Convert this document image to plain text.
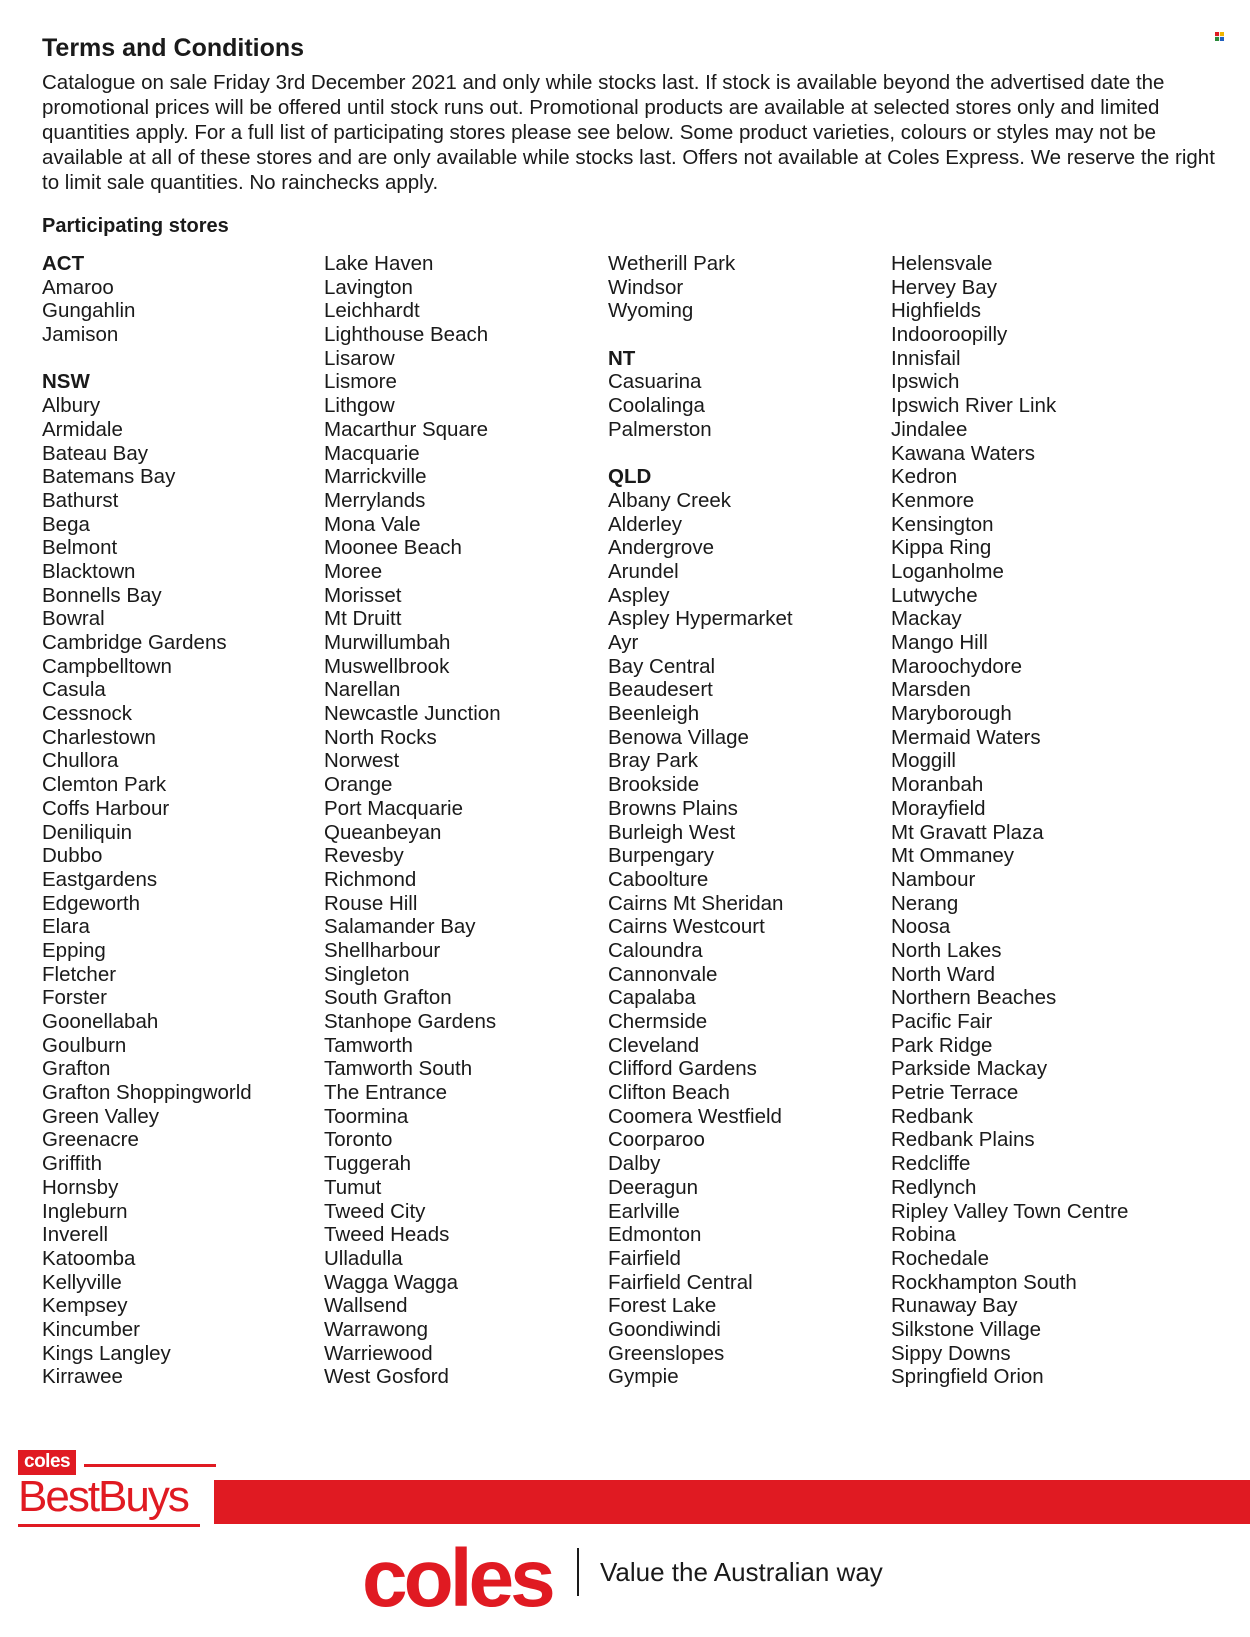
Terms and Conditions

Catalogue on sale Friday 3rd December 2021 and only while stocks last. If stock is available beyond the advertised date the promotional prices will be offered until stock runs out. Promotional products are available at selected stores only and limited quantities apply. For a full list of participating stores please see below. Some product varieties, colours or styles may not be available at all of these stores and are only available while stocks last. Offers not available at Coles Express. We reserve the right to limit sale quantities. No rainchecks apply.

Participating stores
ACT
Amaroo
Gungahlin
Jamison
NSW
Albury
Armidale
Bateau Bay
Batemans Bay
Bathurst
Bega
Belmont
Blacktown
Bonnells Bay
Bowral
Cambridge Gardens
Campbelltown
Casula
Cessnock
Charlestown
Chullora
Clemton Park
Coffs Harbour
Deniliquin
Dubbo
Eastgardens
Edgeworth
Elara
Epping
Fletcher
Forster
Goonellabah
Goulburn
Grafton
Grafton Shoppingworld
Green Valley
Greenacre
Griffith
Hornsby
Ingleburn
Inverell
Katoomba
Kellyville
Kempsey
Kincumber
Kings Langley
Kirrawee
Lake Haven
Lavington
Leichhardt
Lighthouse Beach
Lisarow
Lismore
Lithgow
Macarthur Square
Macquarie
Marrickville
Merrylands
Mona Vale
Moonee Beach
Moree
Morisset
Mt Druitt
Murwillumbah
Muswellbrook
Narellan
Newcastle Junction
North Rocks
Norwest
Orange
Port Macquarie
Queanbeyan
Revesby
Richmond
Rouse Hill
Salamander Bay
Shellharbour
Singleton
South Grafton
Stanhope Gardens
Tamworth
Tamworth South
The Entrance
Toormina
Toronto
Tuggerah
Tumut
Tweed City
Tweed Heads
Ulladulla
Wagga Wagga
Wallsend
Warrawong
Warriewood
West Gosford
Wetherill Park
Windsor
Wyoming
NT
Casuarina
Coolalinga
Palmerston
QLD
Albany Creek
Alderley
Andergrove
Arundel
Aspley
Aspley Hypermarket
Ayr
Bay Central
Beaudesert
Beenleigh
Benowa Village
Bray Park
Brookside
Browns Plains
Burleigh West
Burpengary
Caboolture
Cairns Mt Sheridan
Cairns Westcourt
Caloundra
Cannonvale
Capalaba
Chermside
Cleveland
Clifford Gardens
Clifton Beach
Coomera Westfield
Coorparoo
Dalby
Deeragun
Earlville
Edmonton
Fairfield
Fairfield Central
Forest Lake
Goondiwindi
Greenslopes
Gympie
Helensvale
Hervey Bay
Highfields
Indooroopilly
Innisfail
Ipswich
Ipswich River Link
Jindalee
Kawana Waters
Kedron
Kenmore
Kensington
Kippa Ring
Loganholme
Lutwyche
Mackay
Mango Hill
Maroochydore
Marsden
Maryborough
Mermaid Waters
Moggill
Moranbah
Morayfield
Mt Gravatt Plaza
Mt Ommaney
Nambour
Nerang
Noosa
North Lakes
North Ward
Northern Beaches
Pacific Fair
Park Ridge
Parkside Mackay
Petrie Terrace
Redbank
Redbank Plains
Redcliffe
Redlynch
Ripley Valley Town Centre
Robina
Rochedale
Rockhampton South
Runaway Bay
Silkstone Village
Sippy Downs
Springfield Orion
coles
BestBuys
coles Value the Australian way
